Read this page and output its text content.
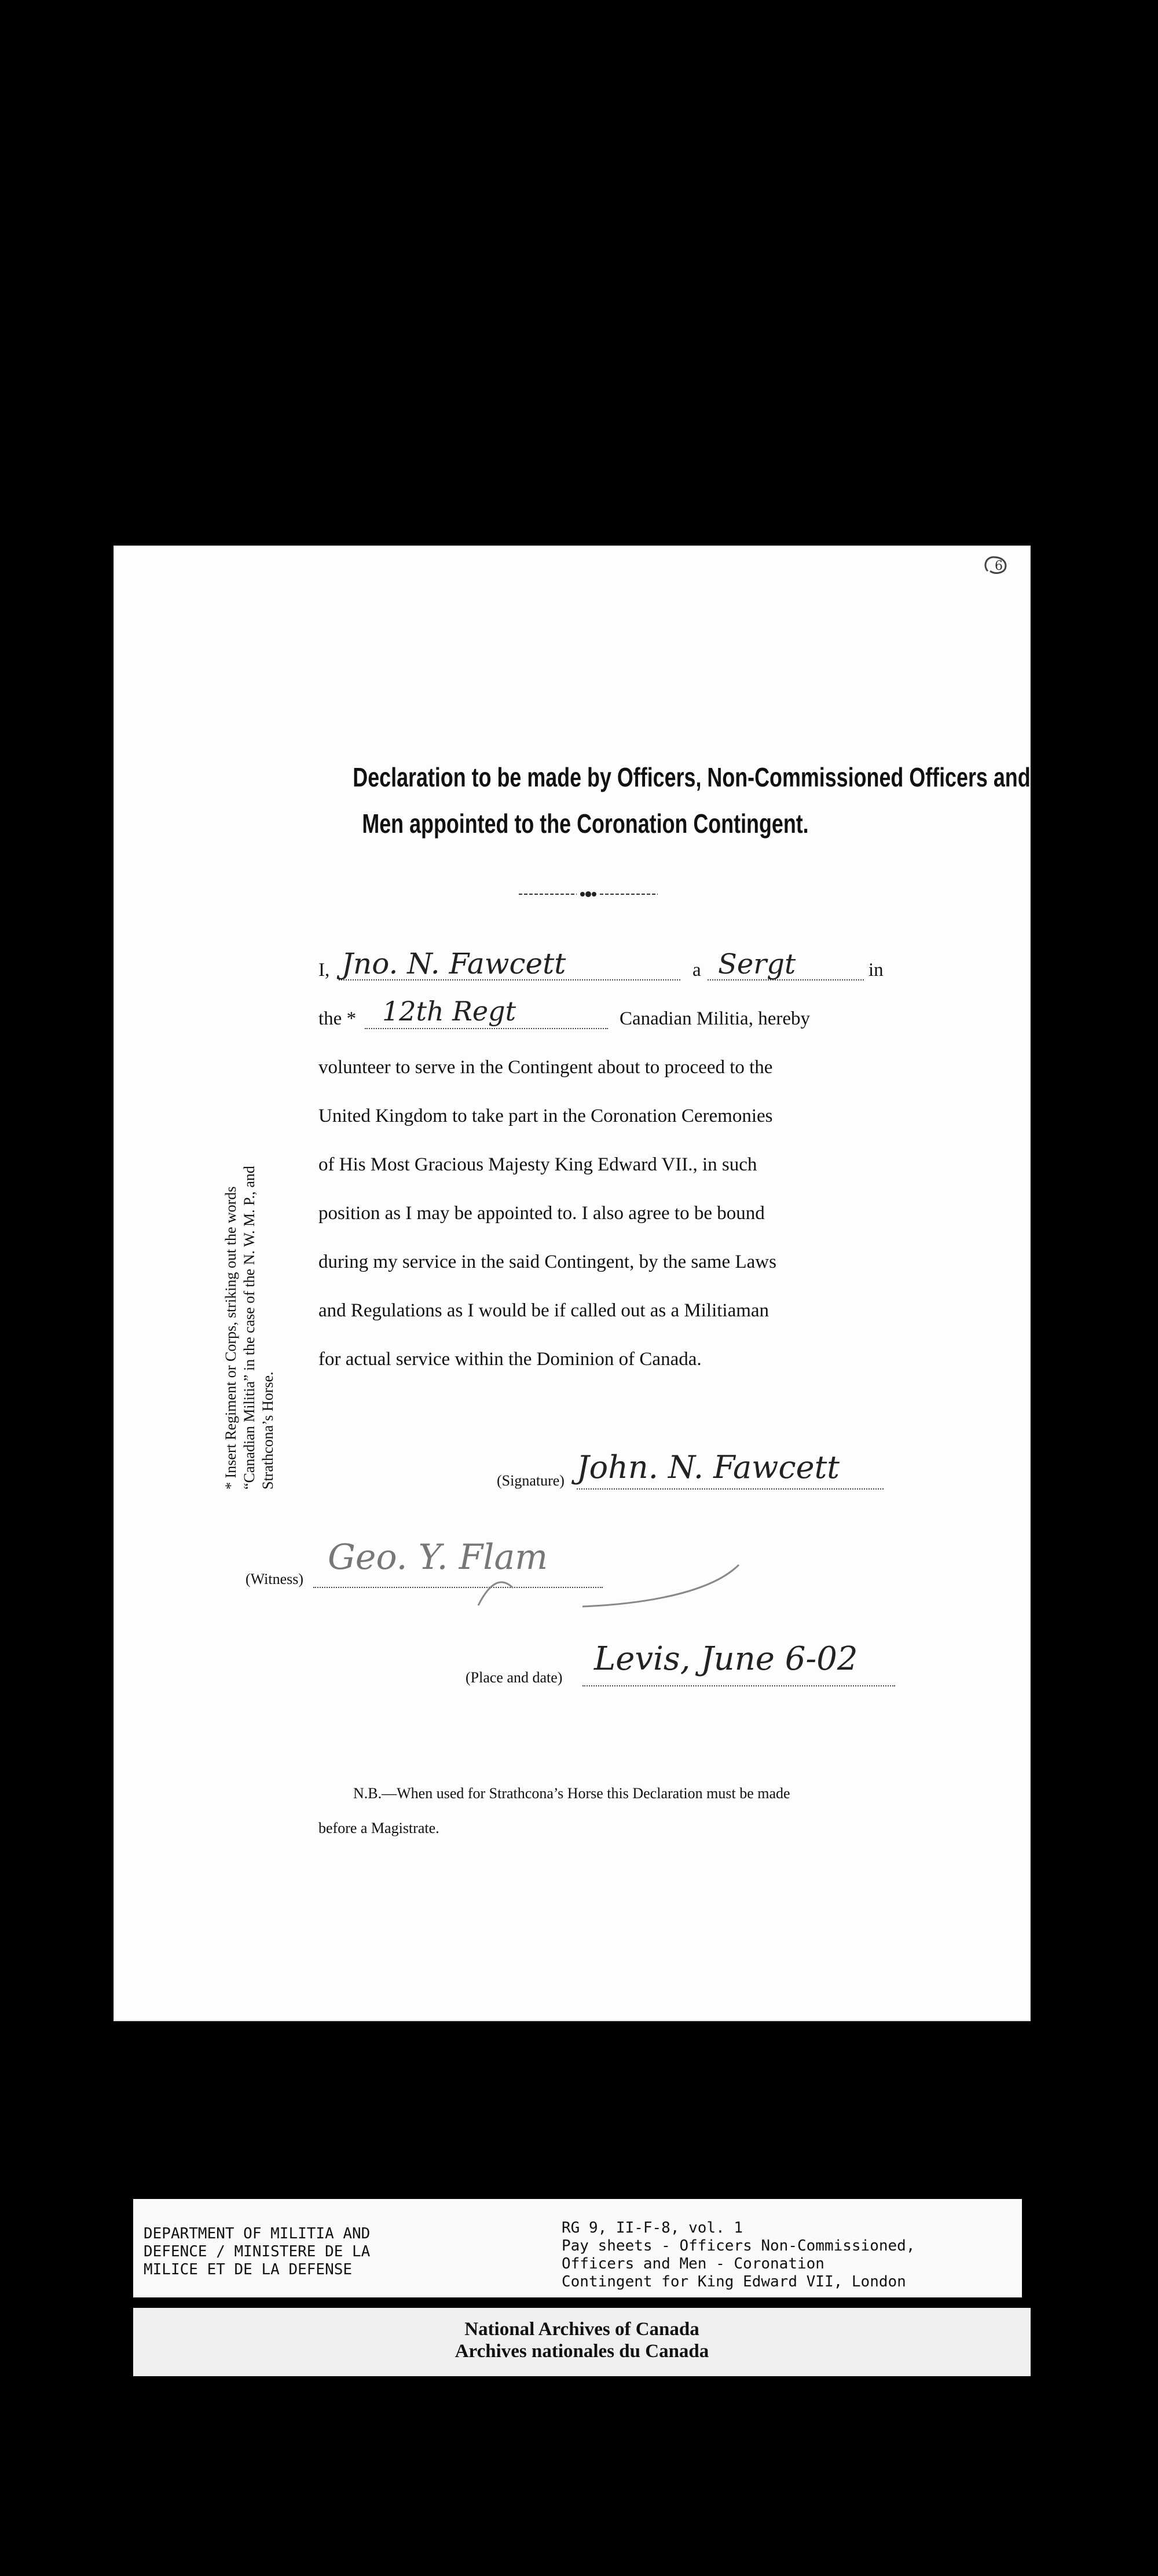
6
Declaration to be made by Officers, Non-Commissioned Officers and
Men appointed to the Coronation Contingent.
* Insert Regiment or Corps, striking out the words “Canadian Militia” in the case of the N. W. M. P., and Strathcona’s Horse.
I, Jno. N. Fawcett	a Sergt	in
the * 12th Regt	Canadian Militia, hereby
volunteer to serve in the Contingent about to proceed to the
United Kingdom to take part in the Coronation Ceremonies
of His Most Gracious Majesty King Edward VII., in such
position as I may be appointed to. I also agree to be bound
during my service in the said Contingent, by the same Laws
and Regulations as I would be if called out as a Militiaman
for actual service within the Dominion of Canada.
(Signature) John. N. Fawcett
(Witness)
Geo. Y. Flam
(Place and date) Levis, June 6-02
N.B.—When used for Strathcona’s Horse this Declaration must be made
before a Magistrate.
DEPARTMENT OF MILITIA AND
DEFENCE / MINISTERE DE LA
MILICE ET DE LA DEFENSE
RG 9, II-F-8, vol. 1
Pay sheets - Officers Non-Commissioned,
Officers and Men - Coronation
Contingent for King Edward VII, London
National Archives of Canada
Archives nationales du Canada
